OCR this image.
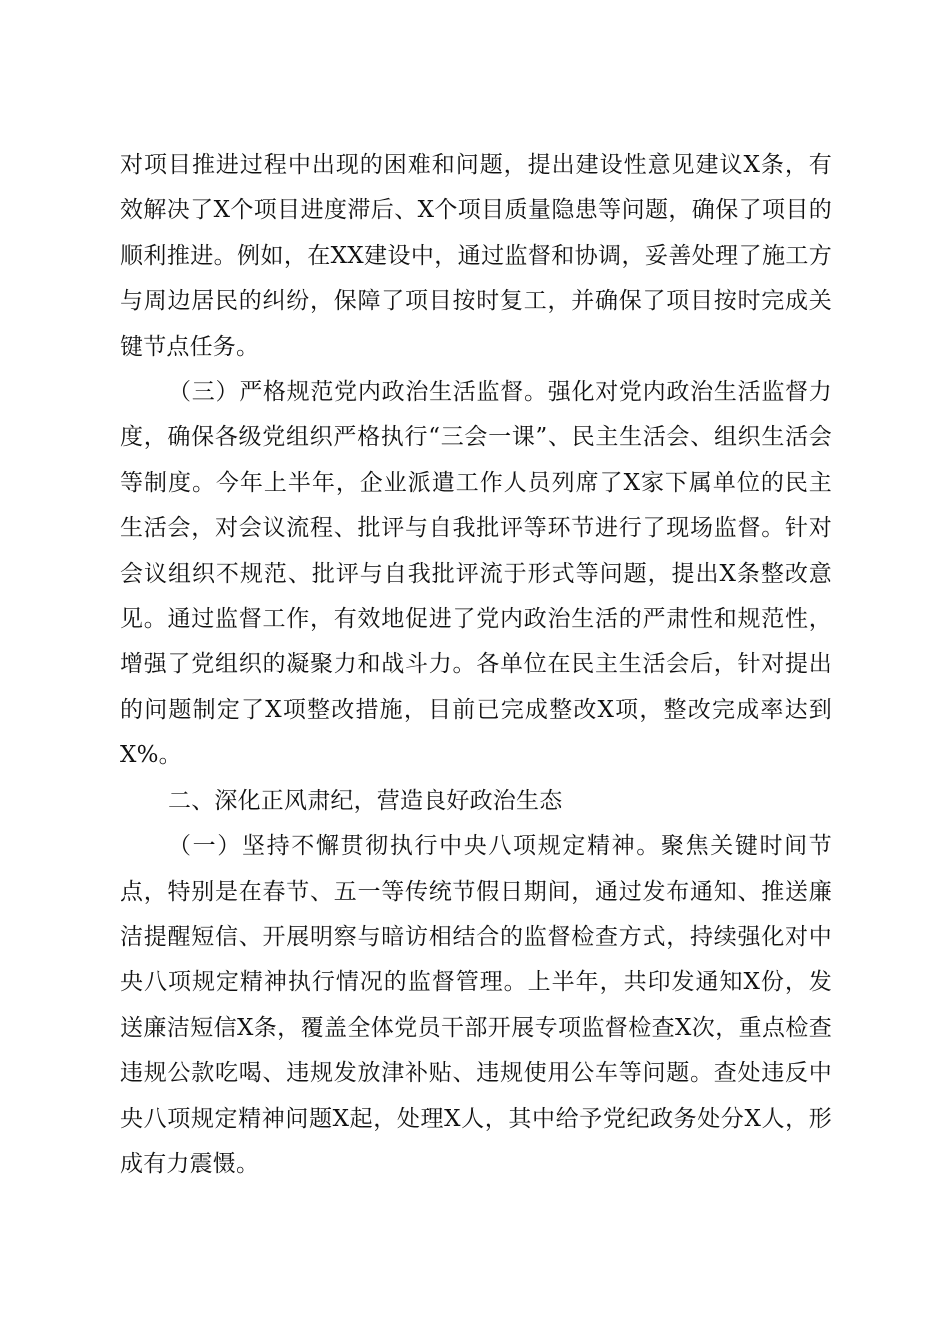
对项目推进过程中出现的困难和问题，提出建设性意见建议X条，有效解决了X个项目进度滞后、X个项目质量隐患等问题，确保了项目的顺利推进。例如，在XX建设中，通过监督和协调，妥善处理了施工方与周边居民的纠纷，保障了项目按时复工，并确保了项目按时完成关键节点任务。

（三）严格规范党内政治生活监督。强化对党内政治生活监督力度，确保各级党组织严格执行“三会一课”、民主生活会、组织生活会等制度。今年上半年，企业派遣工作人员列席了X家下属单位的民主生活会，对会议流程、批评与自我批评等环节进行了现场监督。针对会议组织不规范、批评与自我批评流于形式等问题，提出X条整改意见。通过监督工作，有效地促进了党内政治生活的严肃性和规范性，增强了党组织的凝聚力和战斗力。各单位在民主生活会后，针对提出的问题制定了X项整改措施，目前已完成整改X项，整改完成率达到X%。

二、深化正风肃纪，营造良好政治生态

（一）坚持不懈贯彻执行中央八项规定精神。聚焦关键时间节点，特别是在春节、五一等传统节假日期间，通过发布通知、推送廉洁提醒短信、开展明察与暗访相结合的监督检查方式，持续强化对中央八项规定精神执行情况的监督管理。上半年，共印发通知X份，发送廉洁短信X条，覆盖全体党员干部开展专项监督检查X次，重点检查违规公款吃喝、违规发放津补贴、违规使用公车等问题。查处违反中央八项规定精神问题X起，处理X人，其中给予党纪政务处分X人，形成有力震慑。
